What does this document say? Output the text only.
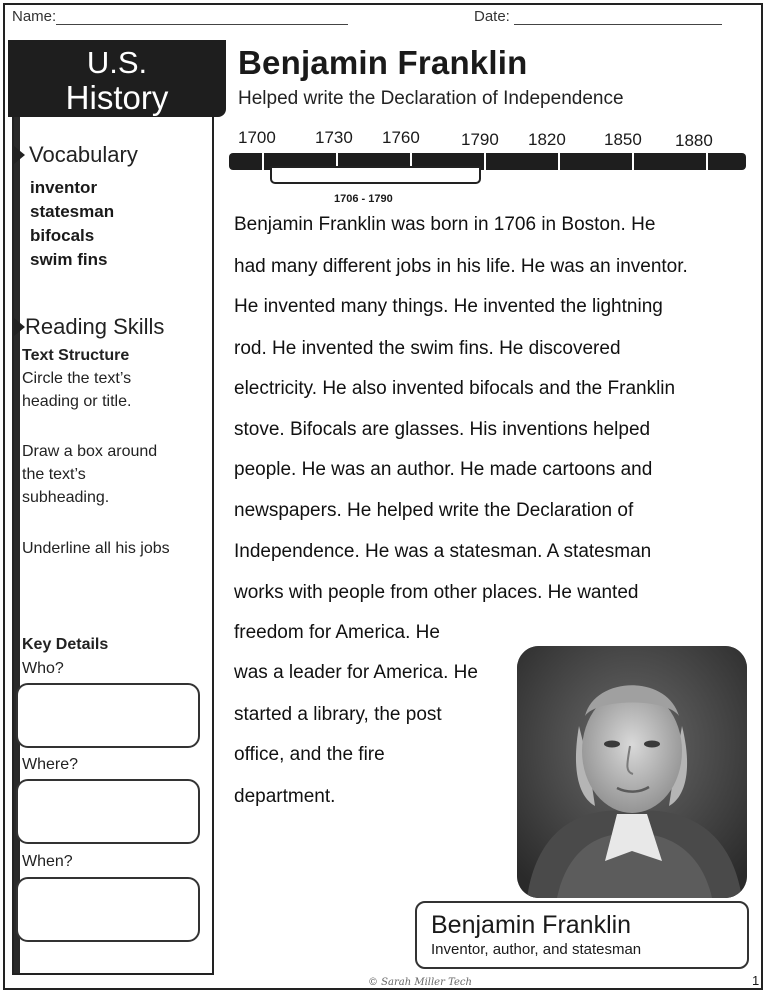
Name:	Date:
U.S.
History
Vocabulary
inventor
statesman
bifocals
swim fins
Reading Skills
Text Structure
Circle the text’s
heading or title.
Draw a box around
the text’s
subheading.
Underline all his jobs
Key Details
Who?
Where?
When?
Benjamin Franklin
Helped write the Declaration of Independence
1700 1730 1760 1790 1820 1850 1880
1706 - 1790
Benjamin Franklin was born in 1706 in Boston. He
had many different jobs in his life. He was an inventor.
He invented many things. He invented the lightning
rod. He invented the swim fins. He discovered
electricity. He also invented bifocals and the Franklin
stove. Bifocals are glasses. His inventions helped
people. He was an author. He made cartoons and
newspapers. He helped write the Declaration of
Independence. He was a statesman. A statesman
works with people from other places. He wanted
freedom for America. He
was a leader for America. He
started a library, the post
office, and the fire
department.
Benjamin Franklin
Inventor, author, and statesman
© Sarah Miller Tech	1
